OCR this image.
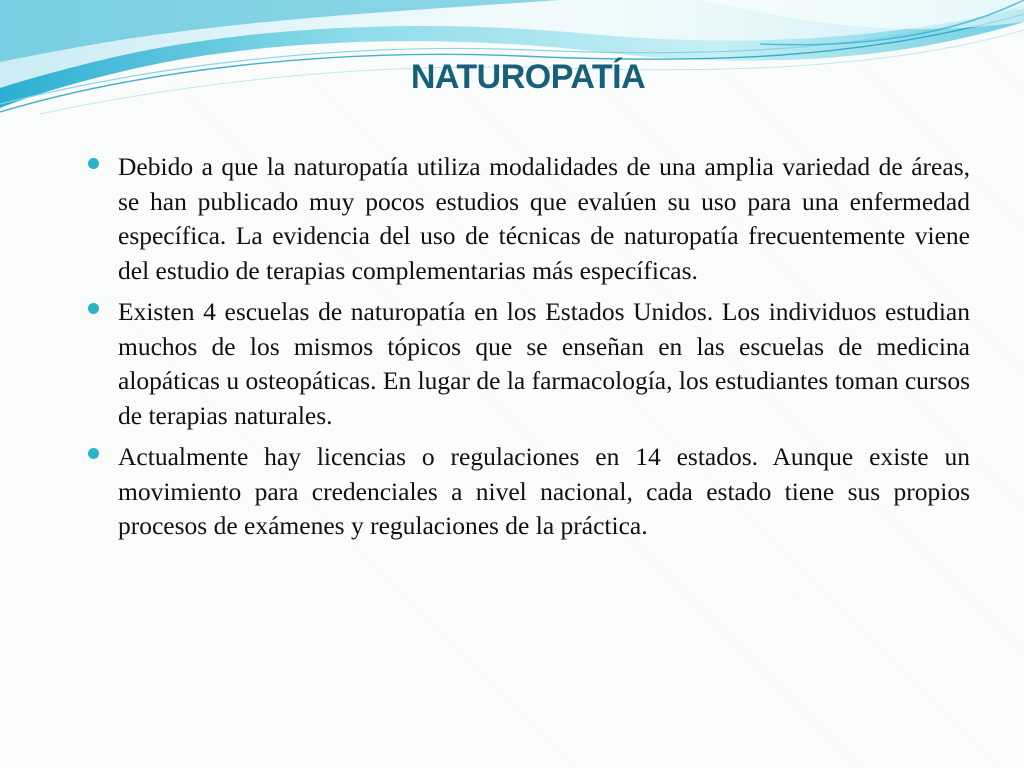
NATUROPATÍA
Debido a que la naturopatía utiliza modalidades de una amplia variedad de áreas, se han publicado muy pocos estudios que evalúen su uso para una enfermedad específica. La evidencia del uso de técnicas de naturopatía frecuentemente viene del estudio de terapias complementarias más específicas.
Existen 4 escuelas de naturopatía en los Estados Unidos. Los individuos estudian muchos de los mismos tópicos que se enseñan en las escuelas de medicina alopáticas u osteopáticas. En lugar de la farmacología, los estudiantes toman cursos de terapias naturales.
Actualmente hay licencias o regulaciones en 14 estados. Aunque existe un movimiento para credenciales a nivel nacional, cada estado tiene sus propios procesos de exámenes y regulaciones de la práctica.
